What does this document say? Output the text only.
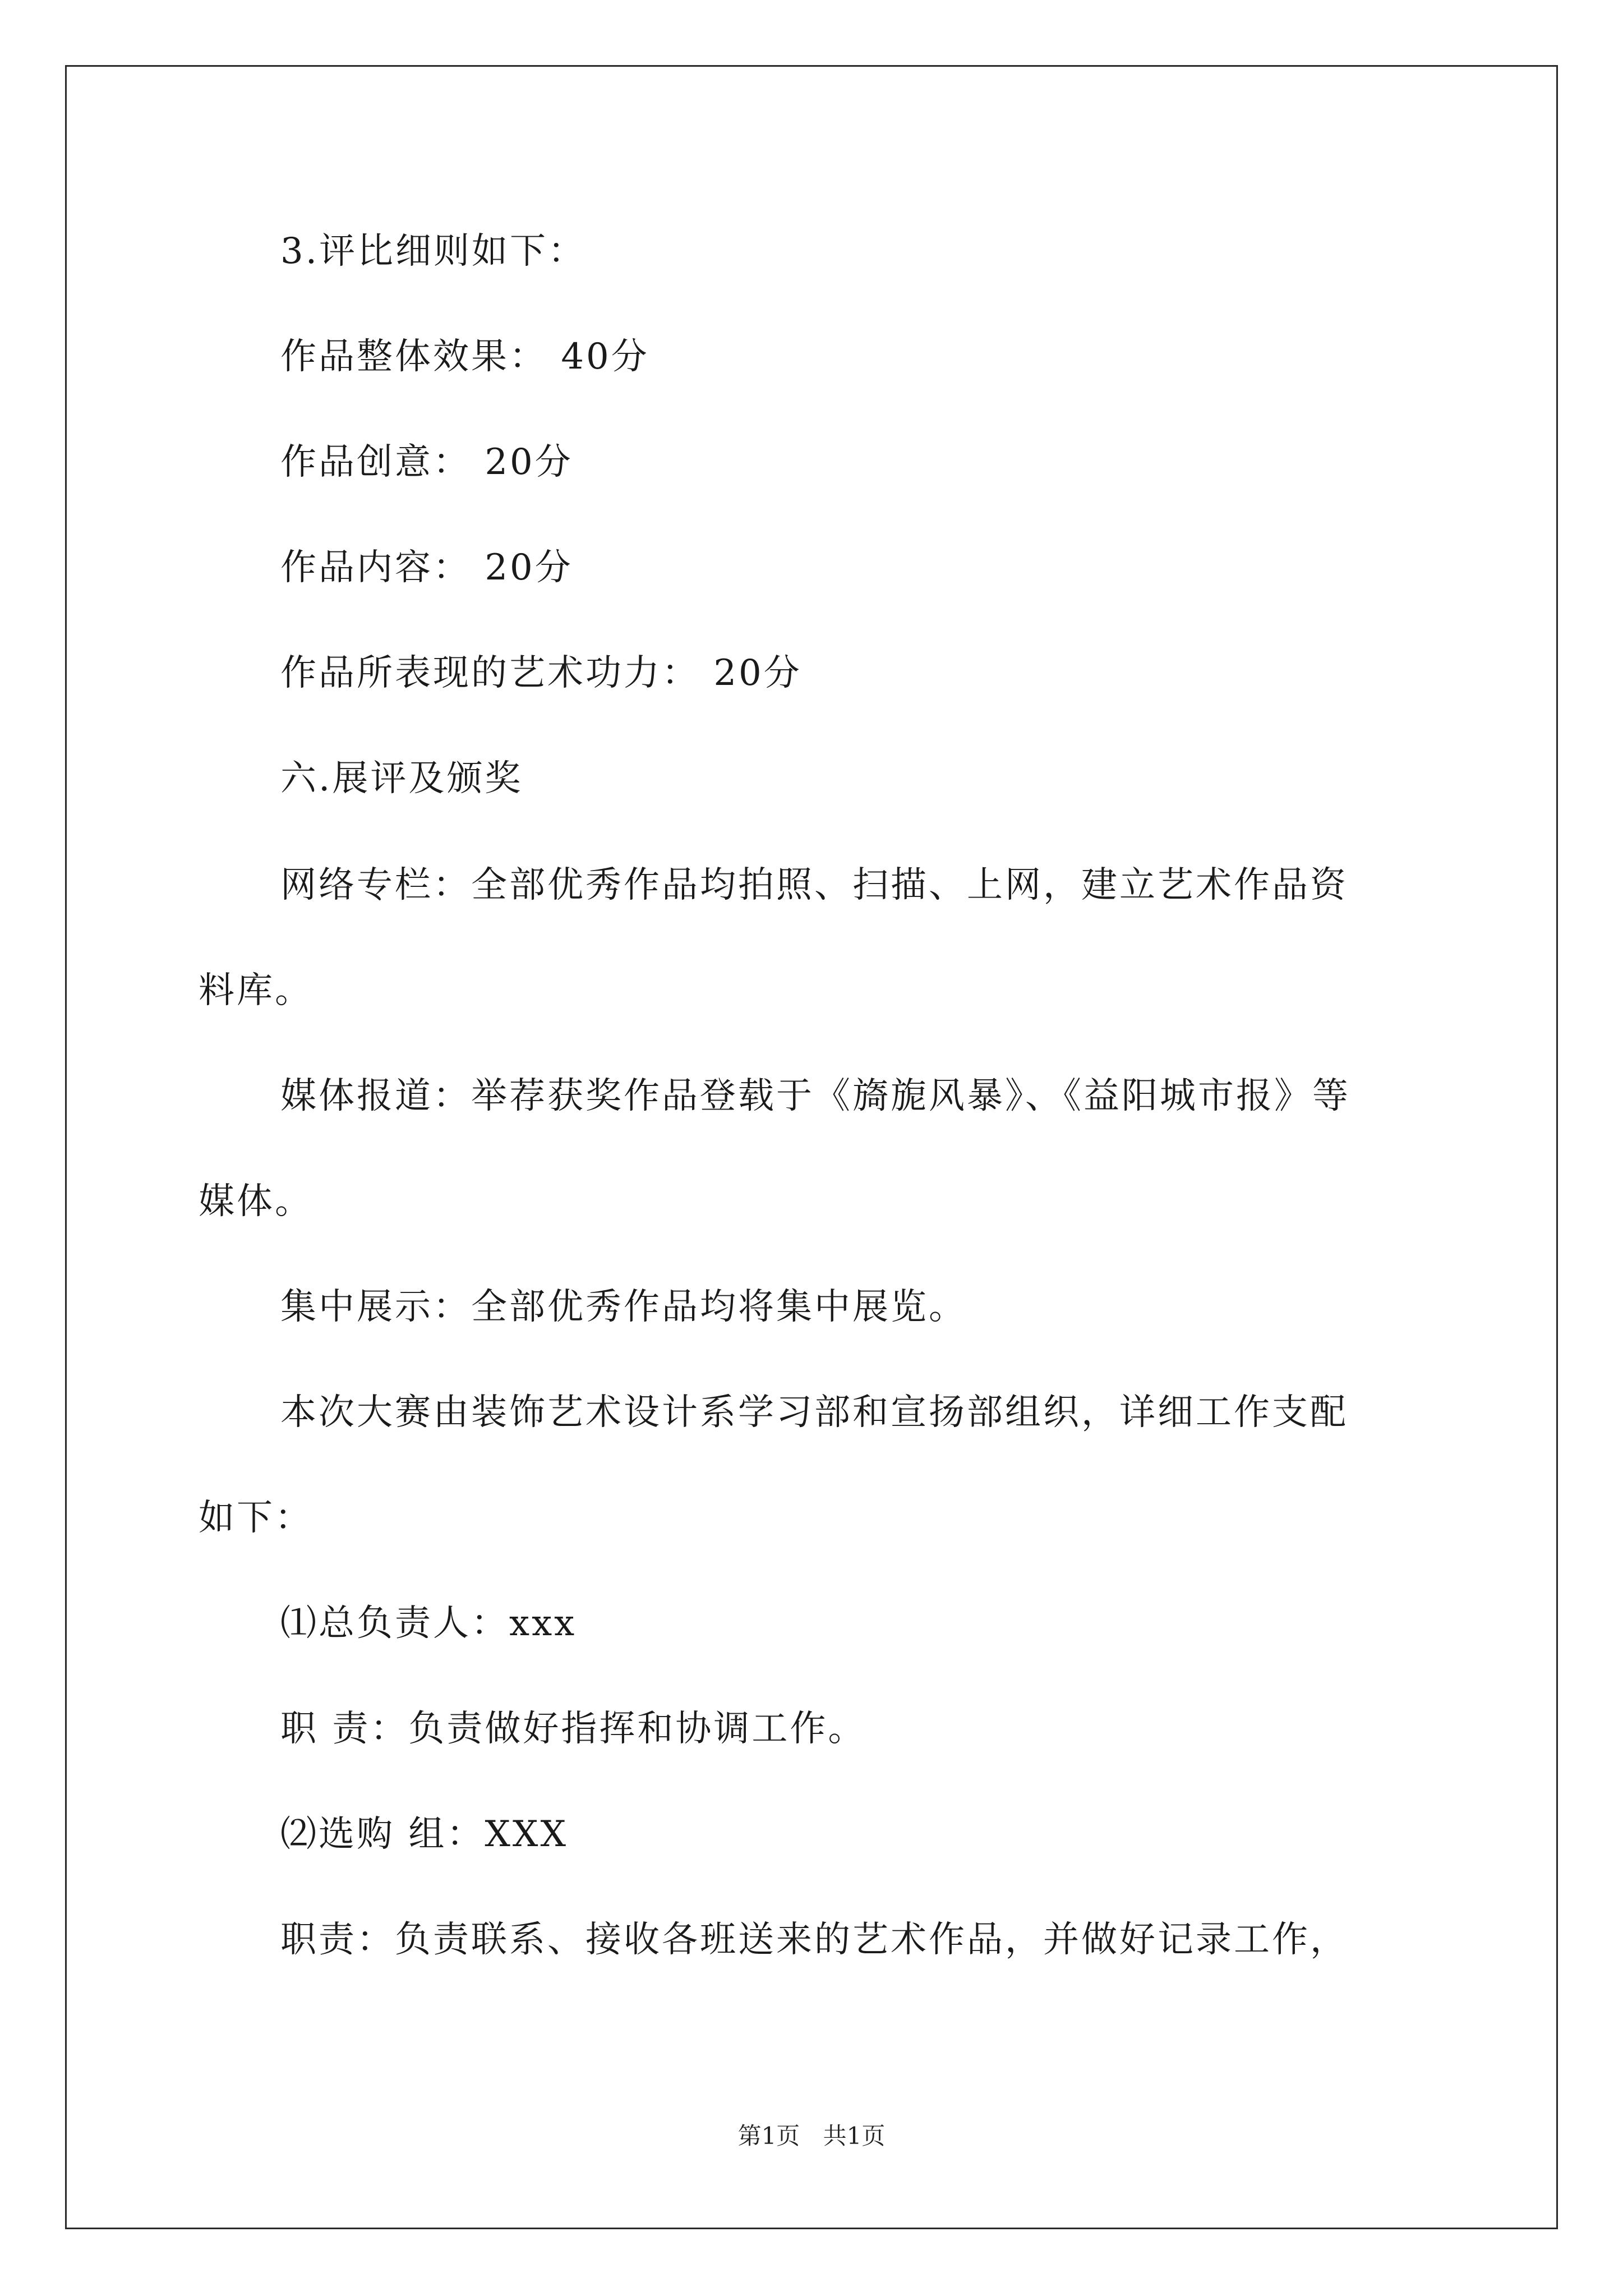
3.评比细则如下：
作品整体效果： 40分
作品创意： 20分
作品内容： 20分
作品所表现的艺术功力： 20分
六.展评及颁奖
网络专栏：全部优秀作品均拍照、扫描、上网，建立艺术作品资
料库。
媒体报道：举荐获奖作品登载于《旖旎风暴》、《益阳城市报》等
媒体。
集中展示：全部优秀作品均将集中展览。
本次大赛由装饰艺术设计系学习部和宣扬部组织，详细工作支配
如下：
⑴总负责人：xxx
职 责：负责做好指挥和协调工作。
⑵选购 组：XXX
职责：负责联系、接收各班送来的艺术作品，并做好记录工作，
第1页 共1页
